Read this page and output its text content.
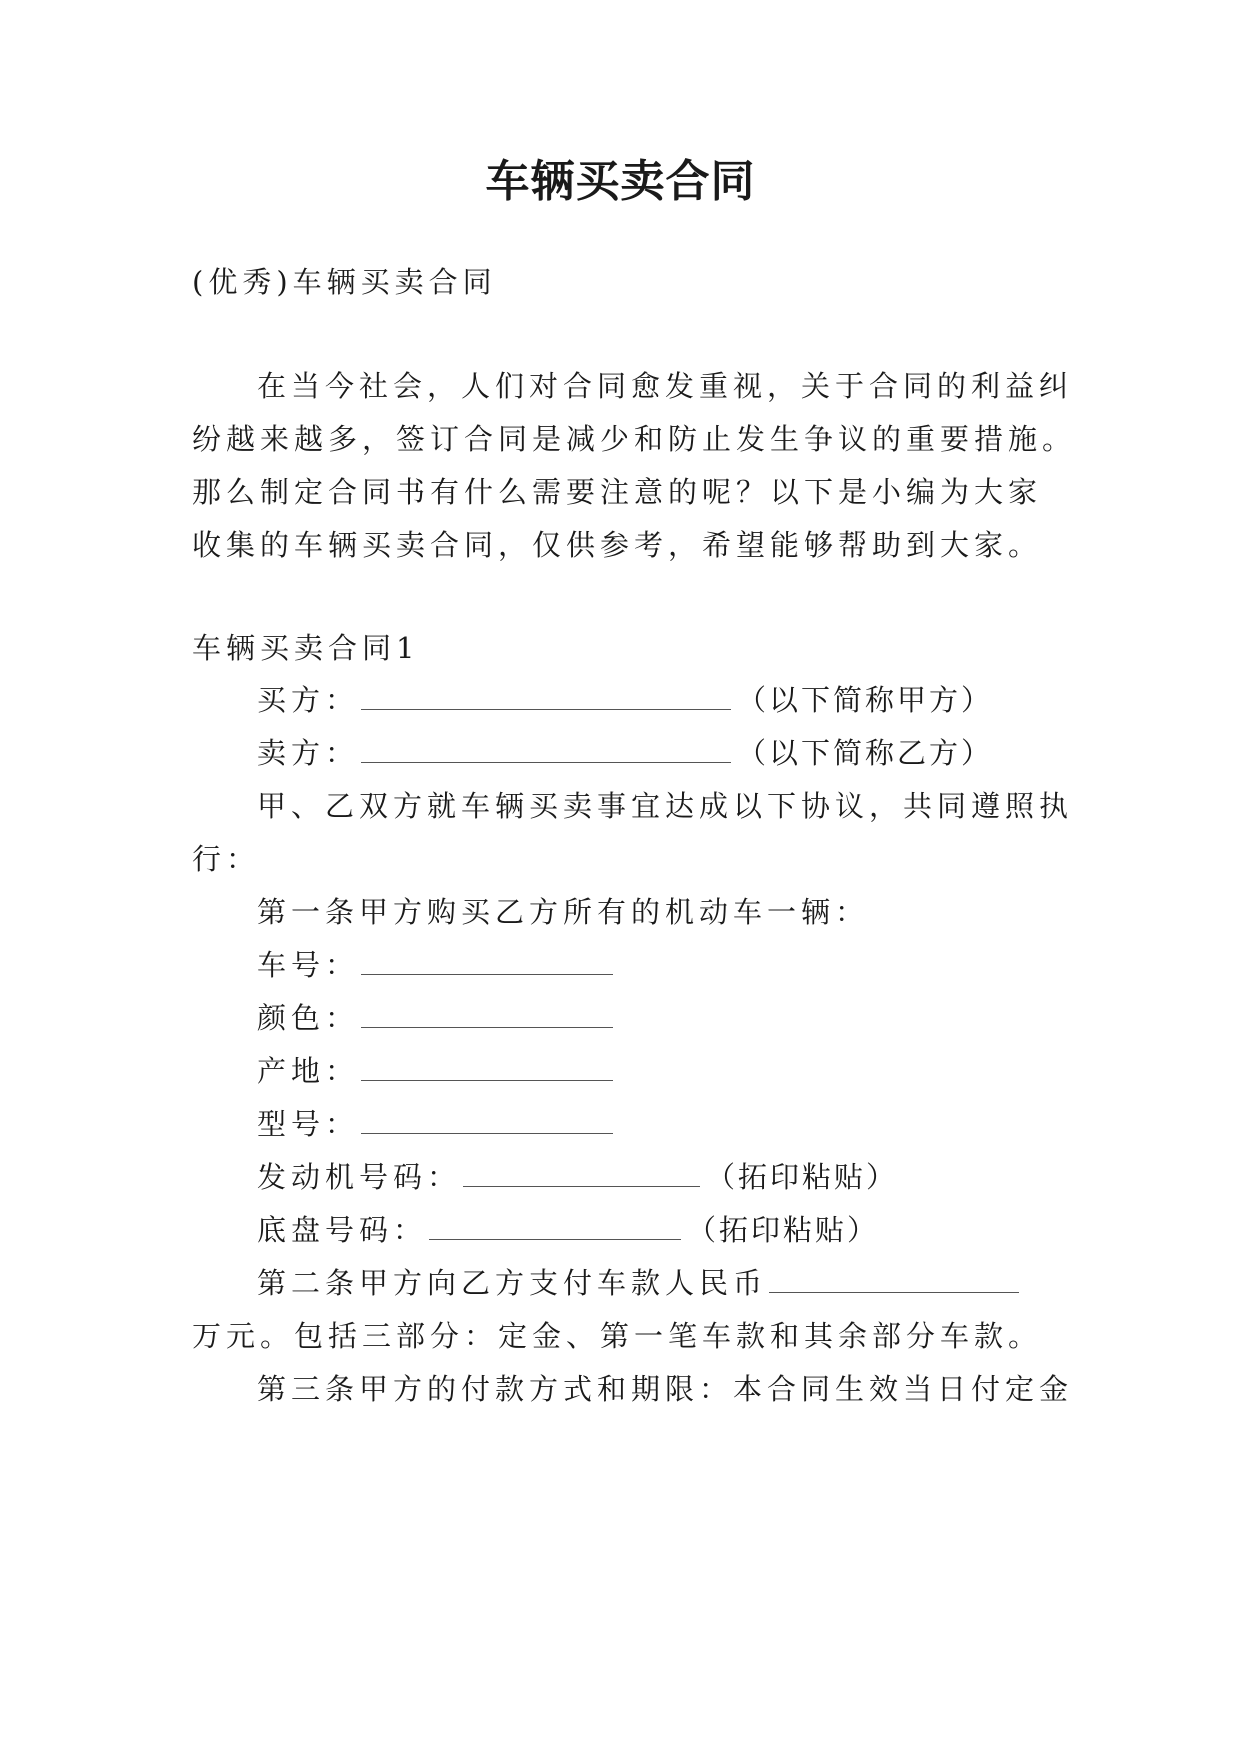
车辆买卖合同
(优秀)车辆买卖合同
在当今社会，人们对合同愈发重视，关于合同的利益纠
纷越来越多，签订合同是减少和防止发生争议的重要措施。
那么制定合同书有什么需要注意的呢？以下是小编为大家
收集的车辆买卖合同，仅供参考，希望能够帮助到大家。
车辆买卖合同1
买方：	（以下简称甲方）
卖方：	（以下简称乙方）
甲、乙双方就车辆买卖事宜达成以下协议，共同遵照执
行：
第一条甲方购买乙方所有的机动车一辆：
车号：
颜色：
产地：
型号：
发动机号码：	（拓印粘贴）
底盘号码：	（拓印粘贴）
第二条甲方向乙方支付车款人民币
万元。包括三部分：定金、第一笔车款和其余部分车款。
第三条甲方的付款方式和期限：本合同生效当日付定金
